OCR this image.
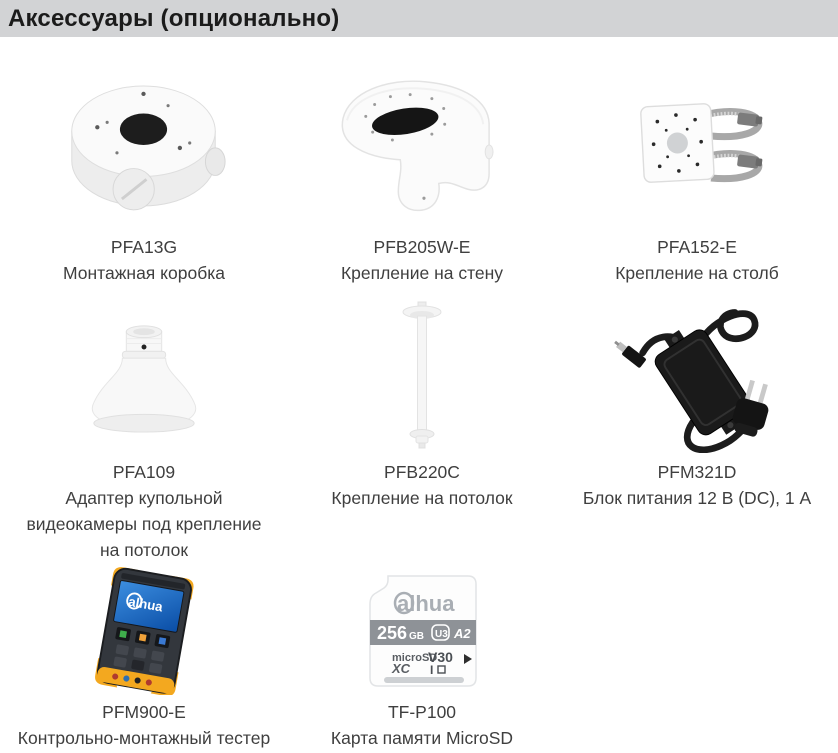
Аксессуары (опционально)
PFA13G
Монтажная коробка
PFB205W-E
Крепление на стену
PFA152-E
Крепление на столб
PFA109
Адаптер купольной видеокамеры под крепление на потолок
PFB220C
Крепление на потолок
PFM321D
Блок питания 12 В (DC), 1 А
alhua
PFM900-E
Контрольно-монтажный тестер
alhua
256 GB U3 A2
microSD
XC
V30
I
TF-P100
Карта памяти MicroSD
